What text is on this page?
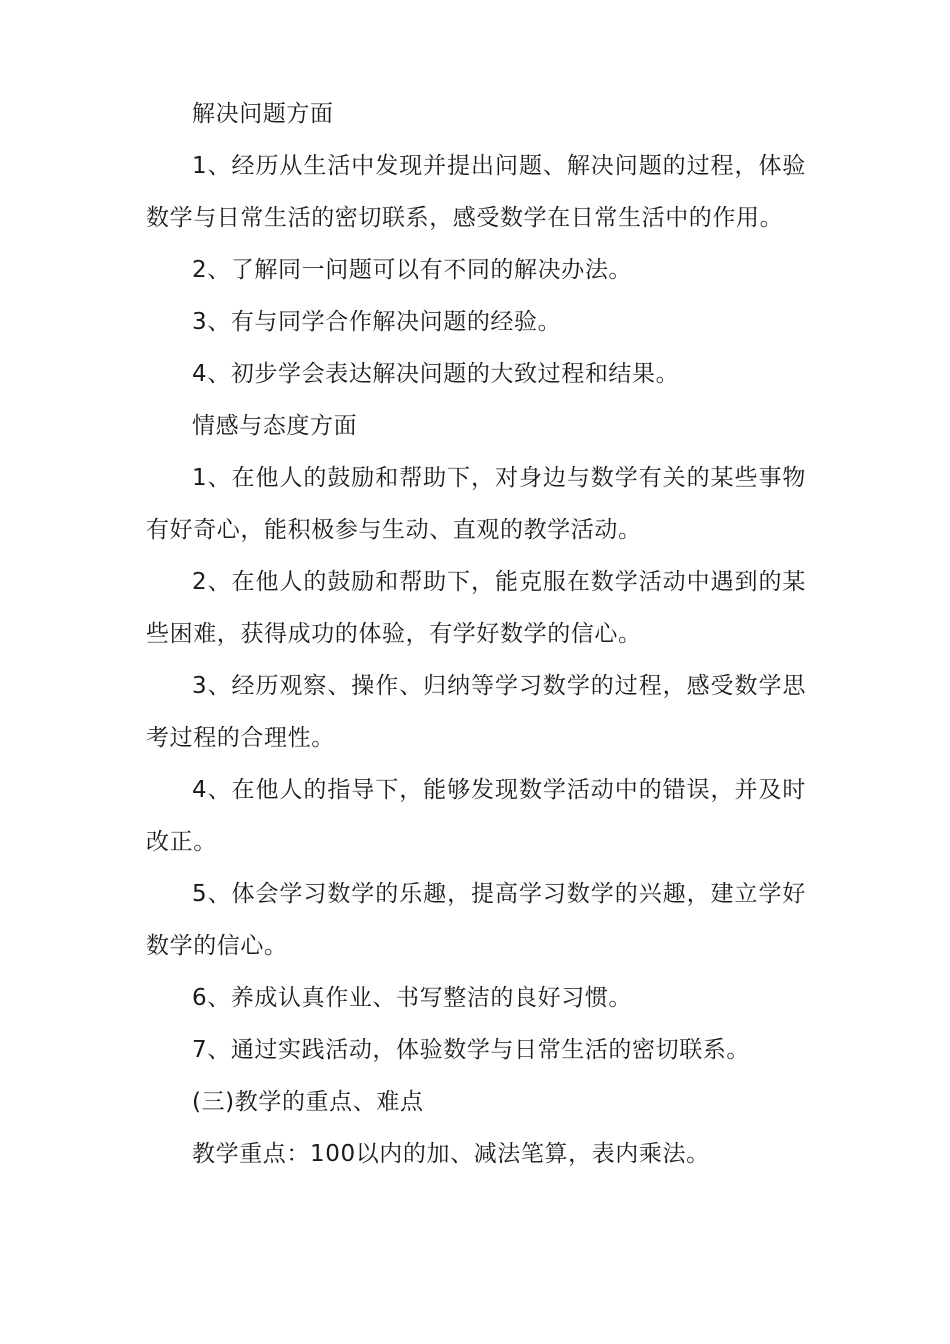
解决问题方面

1、经历从生活中发现并提出问题、解决问题的过程，体验数学与日常生活的密切联系，感受数学在日常生活中的作用。

2、了解同一问题可以有不同的解决办法。

3、有与同学合作解决问题的经验。

4、初步学会表达解决问题的大致过程和结果。

情感与态度方面

1、在他人的鼓励和帮助下，对身边与数学有关的某些事物有好奇心，能积极参与生动、直观的教学活动。

2、在他人的鼓励和帮助下，能克服在数学活动中遇到的某些困难，获得成功的体验，有学好数学的信心。

3、经历观察、操作、归纳等学习数学的过程，感受数学思考过程的合理性。

4、在他人的指导下，能够发现数学活动中的错误，并及时改正。

5、体会学习数学的乐趣，提高学习数学的兴趣，建立学好数学的信心。

6、养成认真作业、书写整洁的良好习惯。

7、通过实践活动，体验数学与日常生活的密切联系。

(三)教学的重点、难点

教学重点：100以内的加、减法笔算，表内乘法。
